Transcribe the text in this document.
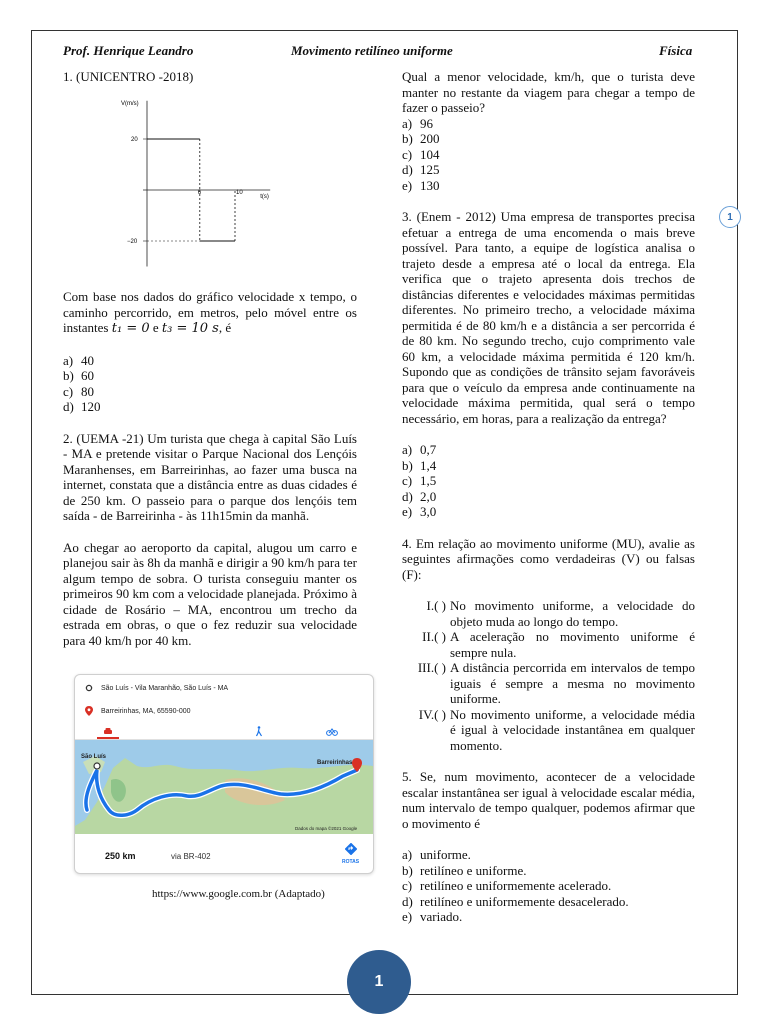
Prof. Henrique Leandro	Movimento retilíneo uniforme	Física

1. (UNICENTRO -2018)

V(m/s)
t(s)
20
−20
6	10

Com base nos dados do gráfico velocidade x tempo, o caminho percorrido, em metros, pelo móvel entre os instantes t₁ = 0 e t₃ = 10 s, é

a) 40
b) 60
c) 80
d) 120

2. (UEMA -21) Um turista que chega à capital São Luís - MA e pretende visitar o Parque Nacional dos Lençóis Maranhenses, em Barreirinhas, ao fazer uma busca na internet, constata que a distância entre as duas cidades é de 250 km. O passeio para o parque dos lençóis tem saída - de Barreirinha - às 11h15min da manhã.

Ao chegar ao aeroporto da capital, alugou um carro e planejou sair às 8h da manhã e dirigir a 90 km/h para ter algum tempo de sobra. O turista conseguiu manter os primeiros 90 km com a velocidade planejada. Próximo à cidade de Rosário – MA, encontrou um trecho da estrada em obras, o que o fez reduzir sua velocidade para 40 km/h por 40 km.

São Luís - Vila Maranhão, São Luís - MA
Barreirinhas, MA, 65590-000
São Luís
Barreirinhas
Dados do mapa ©2021 Google
250 km	via BR-402
ROTAS
https://www.google.com.br (Adaptado)

Qual a menor velocidade, km/h, que o turista deve manter no restante da viagem para chegar a tempo de fazer o passeio?

a) 96
b) 200
c) 104
d) 125
e) 130

3. (Enem - 2012) Uma empresa de transportes precisa efetuar a entrega de uma encomenda o mais breve possível. Para tanto, a equipe de logística analisa o trajeto desde a empresa até o local da entrega. Ela verifica que o trajeto apresenta dois trechos de distâncias diferentes e velocidades máximas permitidas diferentes. No primeiro trecho, a velocidade máxima permitida é de 80 km/h e a distância a ser percorrida é de 80 km. No segundo trecho, cujo comprimento vale 60 km, a velocidade máxima permitida é 120 km/h. Supondo que as condições de trânsito sejam favoráveis para que o veículo da empresa ande continuamente na velocidade máxima permitida, qual será o tempo necessário, em horas, para a realização da entrega?

a) 0,7
b) 1,4
c) 1,5
d) 2,0
e) 3,0

4. Em relação ao movimento uniforme (MU), avalie as seguintes afirmações como verdadeiras (V) ou falsas (F):

I.( ) No movimento uniforme, a velocidade do objeto muda ao longo do tempo.
II.( ) A aceleração no movimento uniforme é sempre nula.
III.( ) A distância percorrida em intervalos de tempo iguais é sempre a mesma no movimento uniforme.
IV.( ) No movimento uniforme, a velocidade média é igual à velocidade instantânea em qualquer momento.

5. Se, num movimento, acontecer de a velocidade escalar instantânea ser igual à velocidade escalar média, num intervalo de tempo qualquer, podemos afirmar que o movimento é

a) uniforme.
b) retilíneo e uniforme.
c) retilíneo e uniformemente acelerado.
d) retilíneo e uniformemente desacelerado.
e) variado.
1
1
